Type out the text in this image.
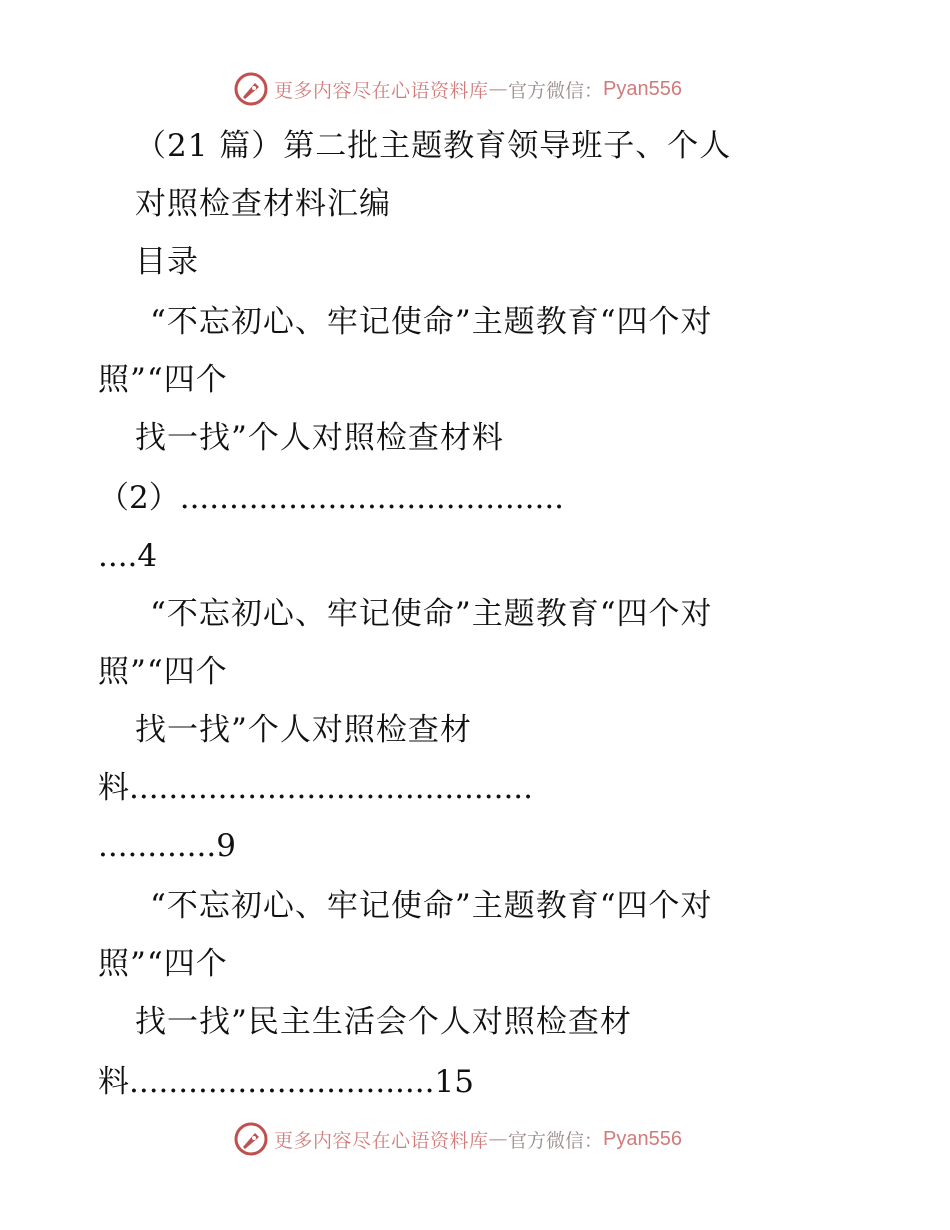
更多内容尽在心语资料库 — 官方微信： Pyan556
（21 篇）第二批主题教育领导班子、个人
对照检查材料汇编
目录
“不忘初心、牢记使命”主题教育“四个对
照”“四个
找一找”个人对照检查材料
（2）.......................................
....4
“不忘初心、牢记使命”主题教育“四个对
照”“四个
找一找”个人对照检查材
料.........................................
............9
“不忘初心、牢记使命”主题教育“四个对
照”“四个
找一找”民主生活会个人对照检查材
料...............................15
更多内容尽在心语资料库 — 官方微信： Pyan556
